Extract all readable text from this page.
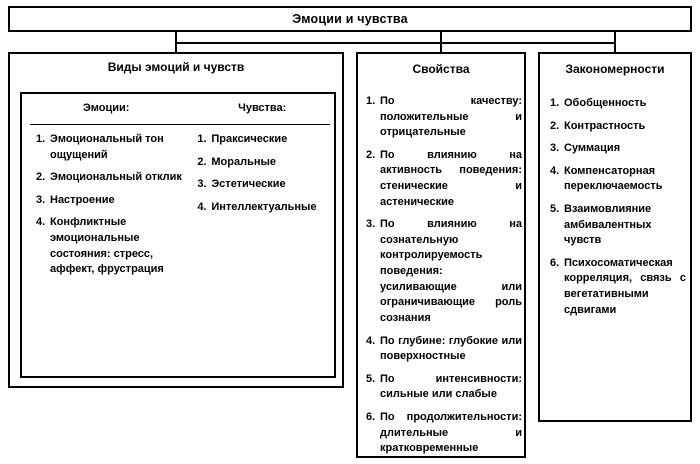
Эмоции и чувства
Виды эмоций и чувств
Эмоции:	Чувства:
1. Эмоциональный тон ощущений
2. Эмоциональный отклик
3. Настроение
4. Конфликтные эмоциональные состояния: стресс, аффект, фрустрация
1. Праксические
2. Моральные
3. Эстетические
4. Интеллектуальные
Свойства
1. По качеству: положительные и отрицательные
2. По влиянию на активность поведения: стенические и астенические
3. По влиянию на сознательную контролируемость поведения: усиливающие или ограничивающие роль сознания
4. По глубине: глубокие или поверхностные
5. По интенсивности: сильные или слабые
6. По продолжительности: длительные и кратковременные
Закономерности
1. Обобщенность
2. Контрастность
3. Суммация
4. Компенсаторная переключаемость
5. Взаимовлияние амбивалентных чувств
6. Психосоматическая корреляция, связь с вегетативными сдвигами
